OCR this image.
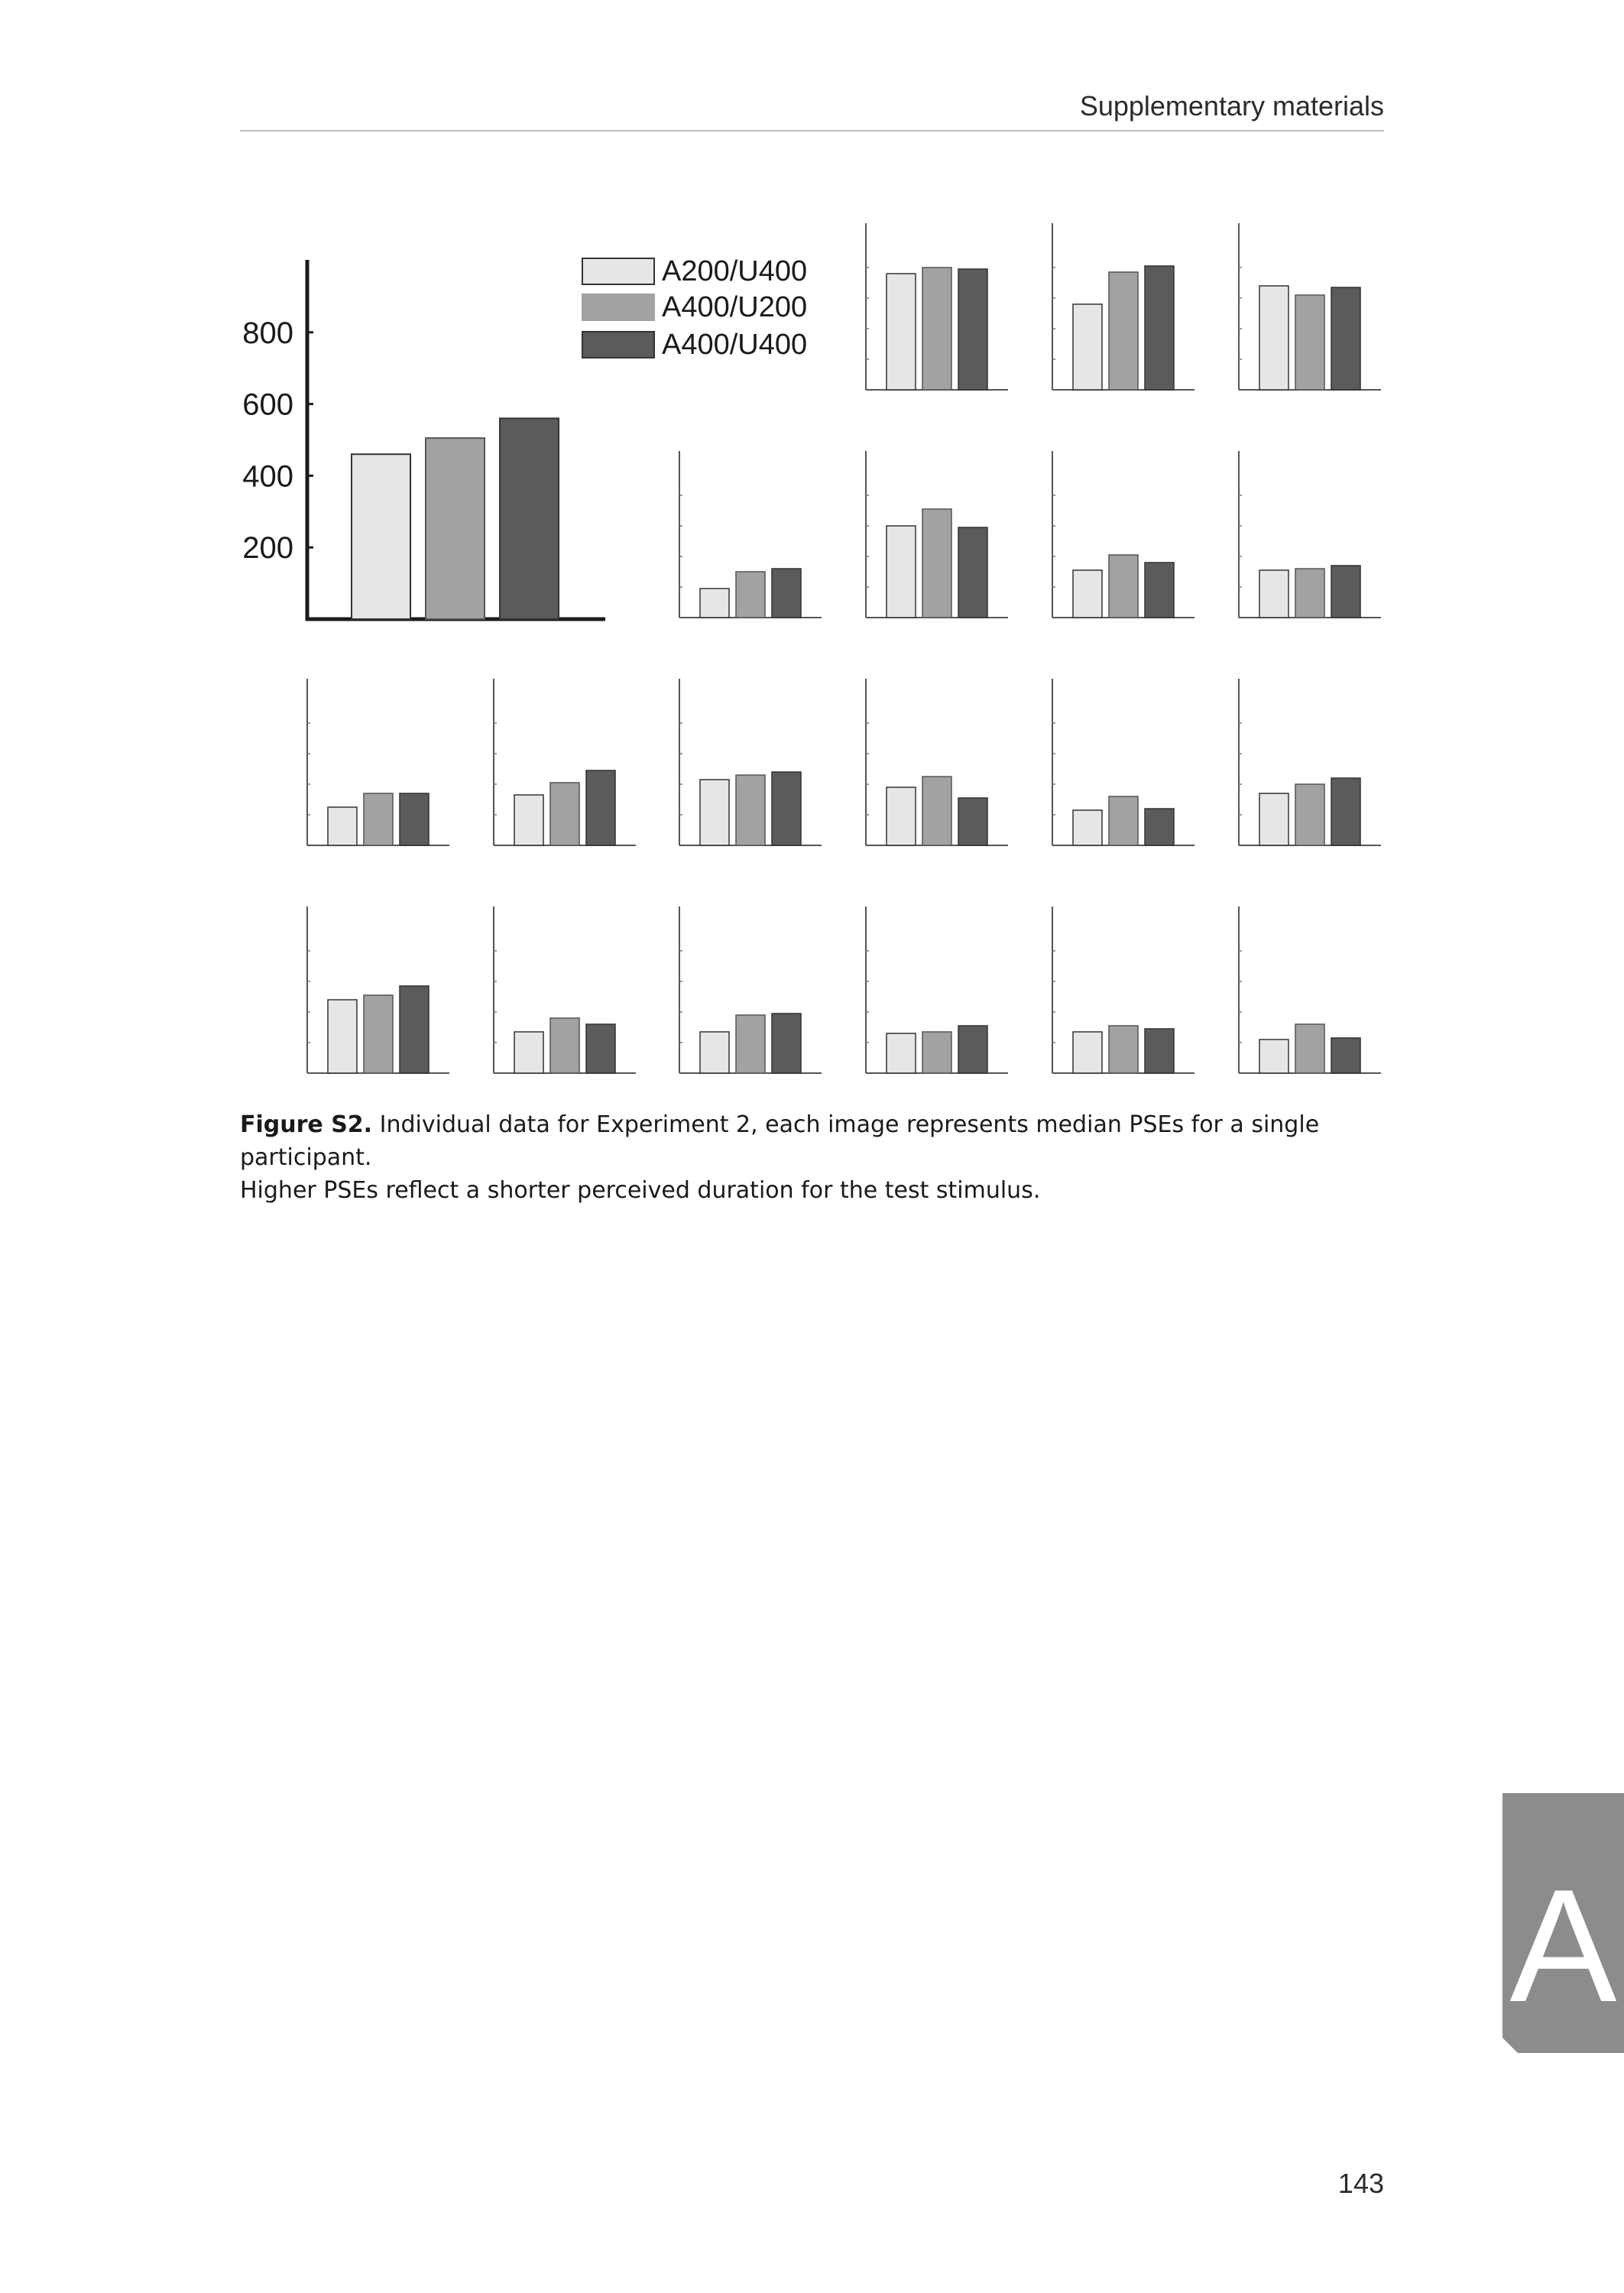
Supplementary materials
200
400
600
800
A200/U400
A400/U200
A400/U400
Figure S2. Individual data for Experiment 2, each image represents median PSEs for a single participant.
Higher PSEs reflect a shorter perceived duration for the test stimulus.
A
143
